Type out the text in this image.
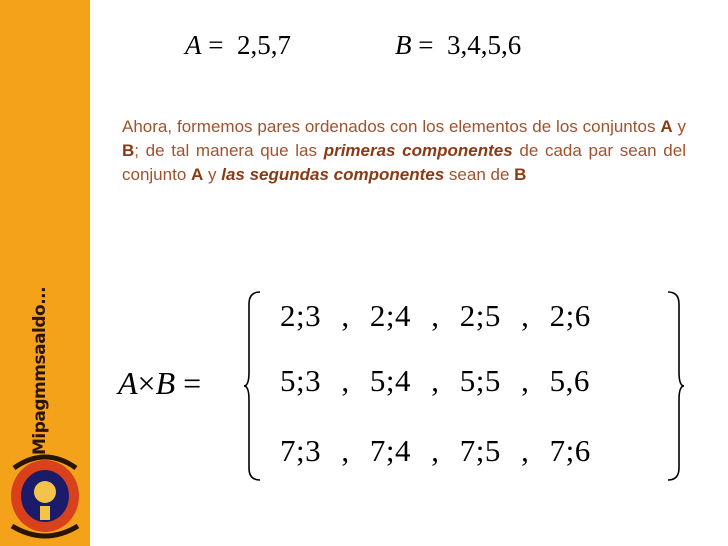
Mipagmmsaaldo...
A = 2,5,7	B = 3,4,5,6
Ahora, formemos pares ordenados con los elementos de los conjuntos A y B; de tal manera que las primeras componentes de cada par sean del conjunto A y las segundas componentes sean de B
A×B =
2;3 , 2;4 , 2;5 , 2;6
5;3 , 5;4 , 5;5 , 5,6
7;3 , 7;4 , 7;5 , 7;6
